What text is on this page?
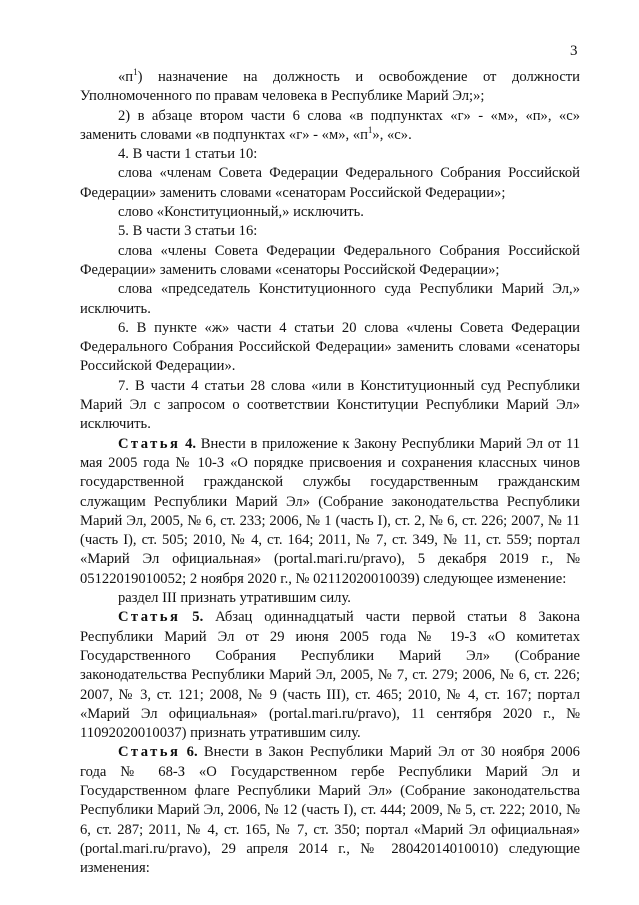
3

«$п^1$) назначение на должность и освобождение от должности Уполномоченного по правам человека в Республике Марий Эл;»;

2) в абзаце втором части 6 слова «в подпунктах «г» - «м», «п», «с» заменить словами «в подпунктах «г» - «м», «$п^1$», «с».

4. В части 1 статьи 10:

слова «членам Совета Федерации Федерального Собрания Российской Федерации» заменить словами «сенаторам Российской Федерации»;

слово «Конституционный,» исключить.

5. В части 3 статьи 16:

слова «члены Совета Федерации Федерального Собрания Российской Федерации» заменить словами «сенаторы Российской Федерации»;

слова «председатель Конституционного суда Республики Марий Эл,» исключить.

6. В пункте «ж» части 4 статьи 20 слова «члены Совета Федерации Федерального Собрания Российской Федерации» заменить словами «сенаторы Российской Федерации».

7. В части 4 статьи 28 слова «или в Конституционный суд Республики Марий Эл с запросом о соответствии Конституции Республики Марий Эл» исключить.

Статья 4. Внести в приложение к Закону Республики Марий Эл от 11 мая 2005 года № 10-З «О порядке присвоения и сохранения классных чинов государственной гражданской службы государственным гражданским служащим Республики Марий Эл» (Собрание законодательства Республики Марий Эл, 2005, № 6, ст. 233; 2006, № 1 (часть I), ст. 2, № 6, ст. 226; 2007, № 11 (часть I), ст. 505; 2010, № 4, ст. 164; 2011, № 7, ст. 349, № 11, ст. 559; портал «Марий Эл официальная» (portal.mari.ru/pravo), 5 декабря 2019 г., № 05122019010052; 2 ноября 2020 г., № 02112020010039) следующее изменение:

раздел III признать утратившим силу.

Статья 5. Абзац одиннадцатый части первой статьи 8 Закона Республики Марий Эл от 29 июня 2005 года № 19-З «О комитетах Государственного Собрания Республики Марий Эл» (Собрание законодательства Республики Марий Эл, 2005, № 7, ст. 279; 2006, № 6, ст. 226; 2007, № 3, ст. 121; 2008, № 9 (часть III), ст. 465; 2010, № 4, ст. 167; портал «Марий Эл официальная» (portal.mari.ru/pravo), 11 сентября 2020 г., № 11092020010037) признать утратившим силу.

Статья 6. Внести в Закон Республики Марий Эл от 30 ноября 2006 года № 68-З «О Государственном гербе Республики Марий Эл и Государственном флаге Республики Марий Эл» (Собрание законодательства Республики Марий Эл, 2006, № 12 (часть I), ст. 444; 2009, № 5, ст. 222; 2010, № 6, ст. 287; 2011, № 4, ст. 165, № 7, ст. 350; портал «Марий Эл официальная» (portal.mari.ru/pravo), 29 апреля 2014 г., № 28042014010010) следующие изменения:
